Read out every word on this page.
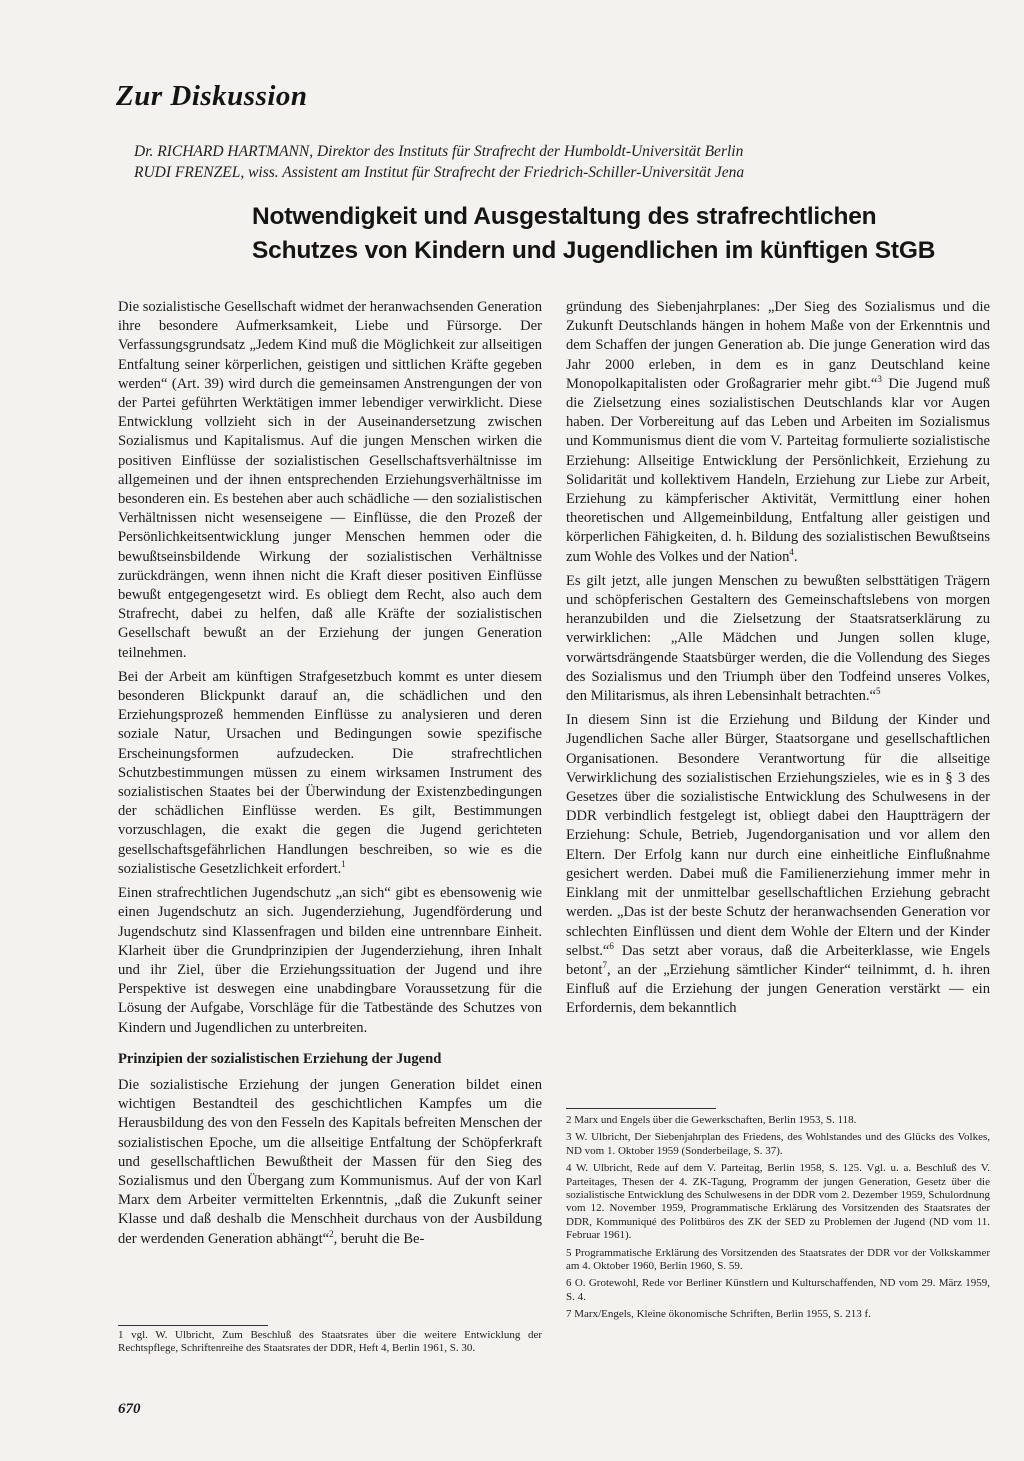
Zur Diskussion
Dr. RICHARD HARTMANN, Direktor des Instituts für Strafrecht der Humboldt-Universität Berlin
RUDI FRENZEL, wiss. Assistent am Institut für Strafrecht der Friedrich-Schiller-Universität Jena
Notwendigkeit und Ausgestaltung des strafrechtlichen
Schutzes von Kindern und Jugendlichen im künftigen StGB

Die sozialistische Gesellschaft widmet der heranwachsenden Generation ihre besondere Aufmerksamkeit, Liebe und Fürsorge. Der Verfassungsgrundsatz „Jedem Kind muß die Möglichkeit zur allseitigen Entfaltung seiner körperlichen, geistigen und sittlichen Kräfte gegeben werden“ (Art. 39) wird durch die gemeinsamen Anstrengungen der von der Partei geführten Werktätigen immer lebendiger verwirklicht. Diese Entwicklung vollzieht sich in der Auseinandersetzung zwischen Sozialismus und Kapitalismus. Auf die jungen Menschen wirken die positiven Einflüsse der sozialistischen Gesellschaftsverhältnisse im allgemeinen und der ihnen entsprechenden Erziehungsverhältnisse im besonderen ein. Es bestehen aber auch schädliche — den sozialistischen Verhältnissen nicht wesenseigene — Einflüsse, die den Prozeß der Persönlichkeitsentwicklung junger Menschen hemmen oder die bewußtseinsbildende Wirkung der sozialistischen Verhältnisse zurückdrängen, wenn ihnen nicht die Kraft dieser positiven Einflüsse bewußt entgegengesetzt wird. Es obliegt dem Recht, also auch dem Strafrecht, dabei zu helfen, daß alle Kräfte der sozialistischen Gesellschaft bewußt an der Erziehung der jungen Generation teilnehmen.

Bei der Arbeit am künftigen Strafgesetzbuch kommt es unter diesem besonderen Blickpunkt darauf an, die schädlichen und den Erziehungsprozeß hemmenden Einflüsse zu analysieren und deren soziale Natur, Ursachen und Bedingungen sowie spezifische Erscheinungsformen aufzudecken. Die strafrechtlichen Schutzbestimmungen müssen zu einem wirksamen Instrument des sozialistischen Staates bei der Überwindung der Existenzbedingungen der schädlichen Einflüsse werden. Es gilt, Bestimmungen vorzuschlagen, die exakt die gegen die Jugend gerichteten gesellschaftsgefährlichen Handlungen beschreiben, so wie es die sozialistische Gesetzlichkeit erfordert.$^1$

Einen strafrechtlichen Jugendschutz „an sich“ gibt es ebensowenig wie einen Jugendschutz an sich. Jugenderziehung, Jugendförderung und Jugendschutz sind Klassenfragen und bilden eine untrennbare Einheit. Klarheit über die Grundprinzipien der Jugenderziehung, ihren Inhalt und ihr Ziel, über die Erziehungssituation der Jugend und ihre Perspektive ist deswegen eine unabdingbare Voraussetzung für die Lösung der Aufgabe, Vorschläge für die Tatbestände des Schutzes von Kindern und Jugendlichen zu unterbreiten.

Prinzipien der sozialistischen Erziehung der Jugend

Die sozialistische Erziehung der jungen Generation bildet einen wichtigen Bestandteil des geschichtlichen Kampfes um die Herausbildung des von den Fesseln des Kapitals befreiten Menschen der sozialistischen Epoche, um die allseitige Entfaltung der Schöpferkraft und gesellschaftlichen Bewußtheit der Massen für den Sieg des Sozialismus und den Übergang zum Kommunismus. Auf der von Karl Marx dem Arbeiter vermittelten Erkenntnis, „daß die Zukunft seiner Klasse und daß deshalb die Menschheit durchaus von der Ausbildung der werdenden Generation abhängt“$^2$, beruht die Be-

gründung des Siebenjahrplanes: „Der Sieg des Sozialismus und die Zukunft Deutschlands hängen in hohem Maße von der Erkenntnis und dem Schaffen der jungen Generation ab. Die junge Generation wird das Jahr 2000 erleben, in dem es in ganz Deutschland keine Monopolkapitalisten oder Großagrarier mehr gibt.“$^3$ Die Jugend muß die Zielsetzung eines sozialistischen Deutschlands klar vor Augen haben. Der Vorbereitung auf das Leben und Arbeiten im Sozialismus und Kommunismus dient die vom V. Parteitag formulierte sozialistische Erziehung: Allseitige Entwicklung der Persönlichkeit, Erziehung zu Solidarität und kollektivem Handeln, Erziehung zur Liebe zur Arbeit, Erziehung zu kämpferischer Aktivität, Vermittlung einer hohen theoretischen und Allgemeinbildung, Entfaltung aller geistigen und körperlichen Fähigkeiten, d. h. Bildung des sozialistischen Bewußtseins zum Wohle des Volkes und der Nation$^4$.

Es gilt jetzt, alle jungen Menschen zu bewußten selbsttätigen Trägern und schöpferischen Gestaltern des Gemeinschaftslebens von morgen heranzubilden und die Zielsetzung der Staatsratserklärung zu verwirklichen: „Alle Mädchen und Jungen sollen kluge, vorwärtsdrängende Staatsbürger werden, die die Vollendung des Sieges des Sozialismus und den Triumph über den Todfeind unseres Volkes, den Militarismus, als ihren Lebensinhalt betrachten.“$^5$

In diesem Sinn ist die Erziehung und Bildung der Kinder und Jugendlichen Sache aller Bürger, Staatsorgane und gesellschaftlichen Organisationen. Besondere Verantwortung für die allseitige Verwirklichung des sozialistischen Erziehungszieles, wie es in § 3 des Gesetzes über die sozialistische Entwicklung des Schulwesens in der DDR verbindlich festgelegt ist, obliegt dabei den Hauptträgern der Erziehung: Schule, Betrieb, Jugendorganisation und vor allem den Eltern. Der Erfolg kann nur durch eine einheitliche Einflußnahme gesichert werden. Dabei muß die Familienerziehung immer mehr in Einklang mit der unmittelbar gesellschaftlichen Erziehung gebracht werden. „Das ist der beste Schutz der heranwachsenden Generation vor schlechten Einflüssen und dient dem Wohle der Eltern und der Kinder selbst.“$^6$ Das setzt aber voraus, daß die Arbeiterklasse, wie Engels betont$^7$, an der „Erziehung sämtlicher Kinder“ teilnimmt, d. h. ihren Einfluß auf die Erziehung der jungen Generation verstärkt — ein Erfordernis, dem bekanntlich

2 Marx und Engels über die Gewerkschaften, Berlin 1953, S. 118.
3 W. Ulbricht, Der Siebenjahrplan des Friedens, des Wohlstandes und des Glücks des Volkes, ND vom 1. Oktober 1959 (Sonderbeilage, S. 37).
4 W. Ulbricht, Rede auf dem V. Parteitag, Berlin 1958, S. 125. Vgl. u. a. Beschluß des V. Parteitages, Thesen der 4. ZK-Tagung, Programm der jungen Generation, Gesetz über die sozialistische Entwicklung des Schulwesens in der DDR vom 2. Dezember 1959, Schulordnung vom 12. November 1959, Programmatische Erklärung des Vorsitzenden des Staatsrates der DDR, Kommuniqué des Politbüros des ZK der SED zu Problemen der Jugend (ND vom 11. Februar 1961).
5 Programmatische Erklärung des Vorsitzenden des Staatsrates der DDR vor der Volkskammer am 4. Oktober 1960, Berlin 1960, S. 59.
6 O. Grotewohl, Rede vor Berliner Künstlern und Kulturschaffenden, ND vom 29. März 1959, S. 4.
7 Marx/Engels, Kleine ökonomische Schriften, Berlin 1955, S. 213 f.
1 vgl. W. Ulbricht, Zum Beschluß des Staatsrates über die weitere Entwicklung der Rechtspflege, Schriftenreihe des Staatsrates der DDR, Heft 4, Berlin 1961, S. 30.
670
